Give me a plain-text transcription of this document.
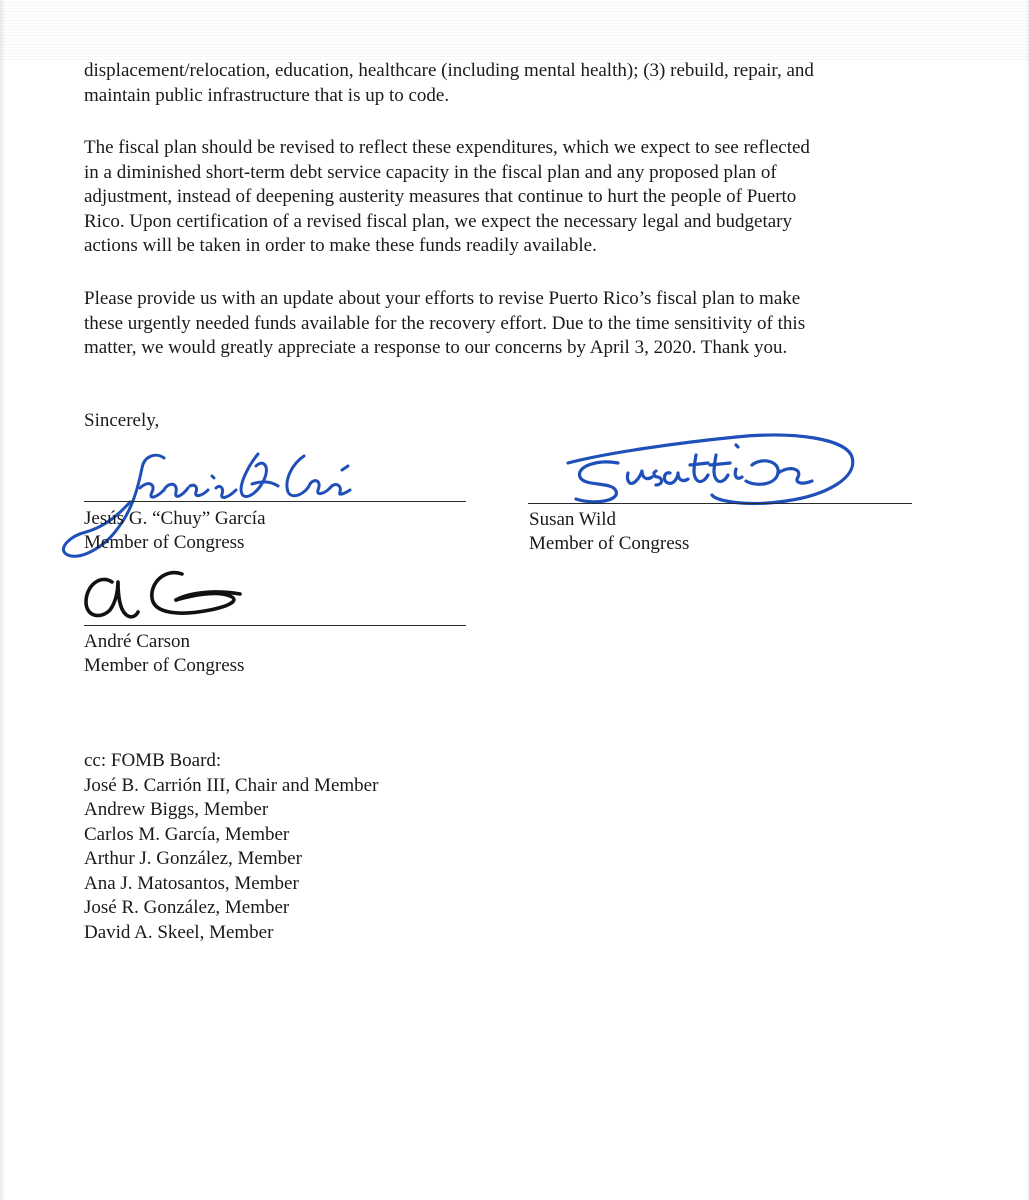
displacement/relocation, education, healthcare (including mental health); (3) rebuild, repair, and
maintain public infrastructure that is up to code.
The fiscal plan should be revised to reflect these expenditures, which we expect to see reflected
in a diminished short-term debt service capacity in the fiscal plan and any proposed plan of
adjustment, instead of deepening austerity measures that continue to hurt the people of Puerto
Rico. Upon certification of a revised fiscal plan, we expect the necessary legal and budgetary
actions will be taken in order to make these funds readily available.
Please provide us with an update about your efforts to revise Puerto Rico’s fiscal plan to make
these urgently needed funds available for the recovery effort. Due to the time sensitivity of this
matter, we would greatly appreciate a response to our concerns by April 3, 2020. Thank you.
Sincerely,
Jesús G. “Chuy” García
Member of Congress
Susan Wild
Member of Congress
André Carson
Member of Congress
cc: FOMB Board:
José B. Carrión III, Chair and Member
Andrew Biggs, Member
Carlos M. García, Member
Arthur J. González, Member
Ana J. Matosantos, Member
José R. González, Member
David A. Skeel, Member
